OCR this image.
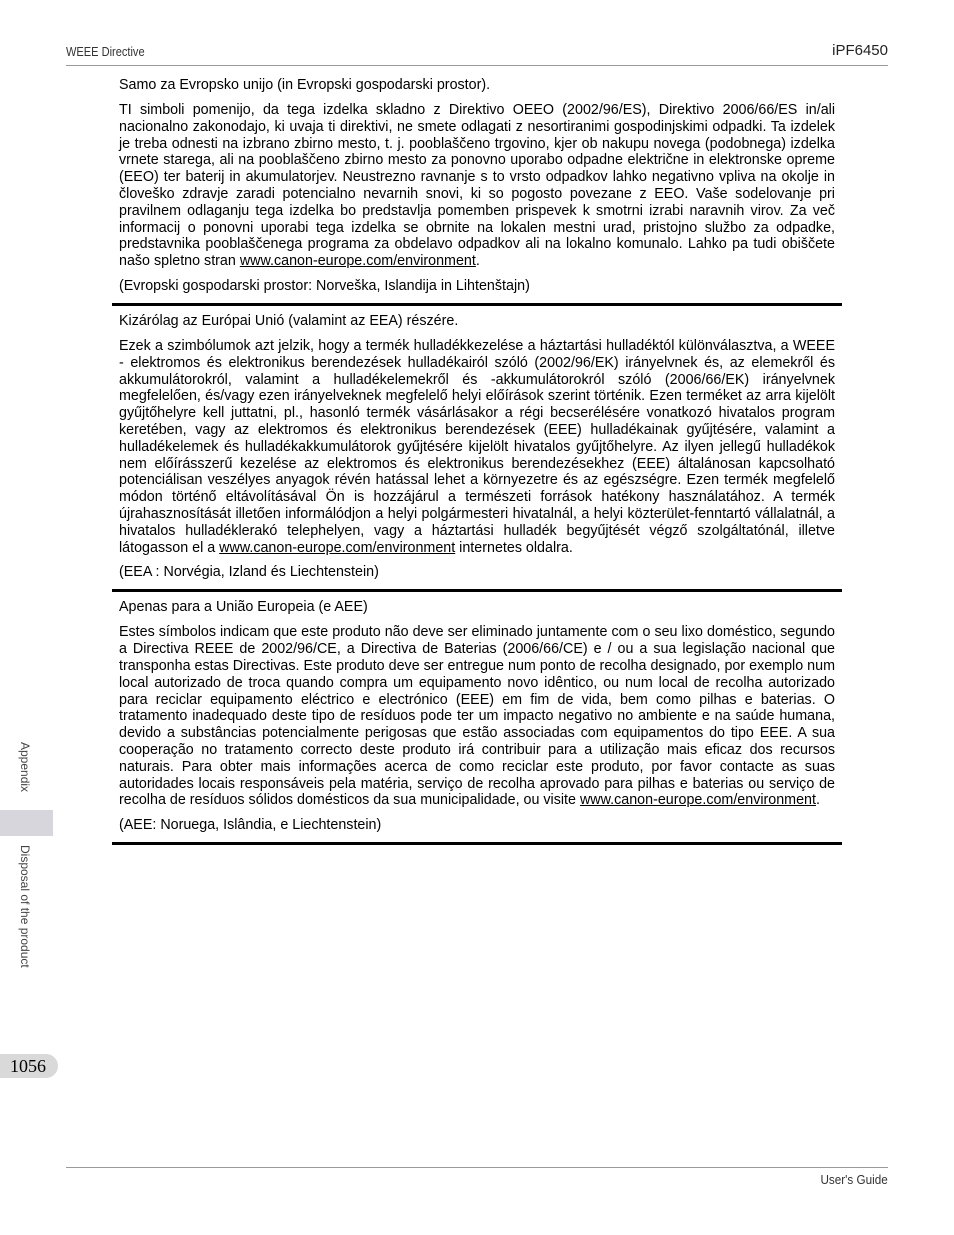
WEEE Directive	iPF6450

Samo za Evropsko unijo (in Evropski gospodarski prostor).

TI simboli pomenijo, da tega izdelka skladno z Direktivo OEEO (2002/96/ES), Direktivo 2006/66/ES in/ali nacionalno zakonodajo, ki uvaja ti direktivi, ne smete odlagati z nesortiranimi gospodinjskimi odpadki. Ta izdelek je treba odnesti na izbrano zbirno mesto, t. j. pooblaščeno trgovino, kjer ob nakupu novega (podobnega) izdelka vrnete starega, ali na pooblaščeno zbirno mesto za ponovno uporabo odpadne električne in elektronske opreme (EEO) ter baterij in akumulatorjev. Neustrezno ravnanje s to vrsto odpadkov lahko negativno vpliva na okolje in človeško zdravje zaradi potencialno nevarnih snovi, ki so pogosto povezane z EEO. Vaše sodelovanje pri pravilnem odlaganju tega izdelka bo predstavlja pomemben prispevek k smotrni izrabi naravnih virov. Za več informacij o ponovni uporabi tega izdelka se obrnite na lokalen mestni urad, pristojno službo za odpadke, predstavnika pooblaščenega programa za obdelavo odpadkov ali na lokalno komunalo. Lahko pa tudi obiščete našo spletno stran www.canon-europe.com/environment.

(Evropski gospodarski prostor: Norveška, Islandija in Lihtenštajn)

Kizárólag az Európai Unió (valamint az EEA) részére.

Ezek a szimbólumok azt jelzik, hogy a termék hulladékkezelése a háztartási hulladéktól különválasztva, a WEEE - elektromos és elektronikus berendezések hulladékairól szóló (2002/96/EK) irányelvnek és, az elemekről és akkumulátorokról, valamint a hulladékelemekről és -akkumulátorokról szóló (2006/66/EK) irányelvnek megfelelően, és/vagy ezen irányelveknek megfelelő helyi előírások szerint történik. Ezen terméket az arra kijelölt gyűjtőhelyre kell juttatni, pl., hasonló termék vásárlásakor a régi becserélésére vonatkozó hivatalos program keretében, vagy az elektromos és elektronikus berendezések (EEE) hulladékainak gyűjtésére, valamint a hulladékelemek és hulladékakkumulátorok gyűjtésére kijelölt hivatalos gyűjtőhelyre. Az ilyen jellegű hulladékok nem előírásszerű kezelése az elektromos és elektronikus berendezésekhez (EEE) általánosan kapcsolható potenciálisan veszélyes anyagok révén hatással lehet a környezetre és az egészségre. Ezen termék megfelelő módon történő eltávolításával Ön is hozzájárul a természeti források hatékony használatához. A termék újrahasznosítását illetően informálódjon a helyi polgármesteri hivatalnál, a helyi közterület-fenntartó vállalatnál, a hivatalos hulladéklerakó telephelyen, vagy a háztartási hulladék begyűjtését végző szolgáltatónál, illetve látogasson el a www.canon-europe.com/environment internetes oldalra.

(EEA : Norvégia, Izland és Liechtenstein)

Apenas para a União Europeia (e AEE)

Estes símbolos indicam que este produto não deve ser eliminado juntamente com o seu lixo doméstico, segundo a Directiva REEE de 2002/96/CE, a Directiva de Baterias (2006/66/CE) e / ou a sua legislação nacional que transponha estas Directivas. Este produto deve ser entregue num ponto de recolha designado, por exemplo num local autorizado de troca quando compra um equipamento novo idêntico, ou num local de recolha autorizado para reciclar equipamento eléctrico e electrónico (EEE) em fim de vida, bem como pilhas e baterias. O tratamento inadequado deste tipo de resíduos pode ter um impacto negativo no ambiente e na saúde humana, devido a substâncias potencialmente perigosas que estão associadas com equipamentos do tipo EEE. A sua cooperação no tratamento correcto deste produto irá contribuir para a utilização mais eficaz dos recursos naturais. Para obter mais informações acerca de como reciclar este produto, por favor contacte as suas autoridades locais responsáveis pela matéria, serviço de recolha aprovado para pilhas e baterias ou serviço de recolha de resíduos sólidos domésticos da sua municipalidade, ou visite www.canon-europe.com/environment.

(AEE: Noruega, Islândia, e Liechtenstein)

Appendix
Disposal of the product
1056
User's Guide
